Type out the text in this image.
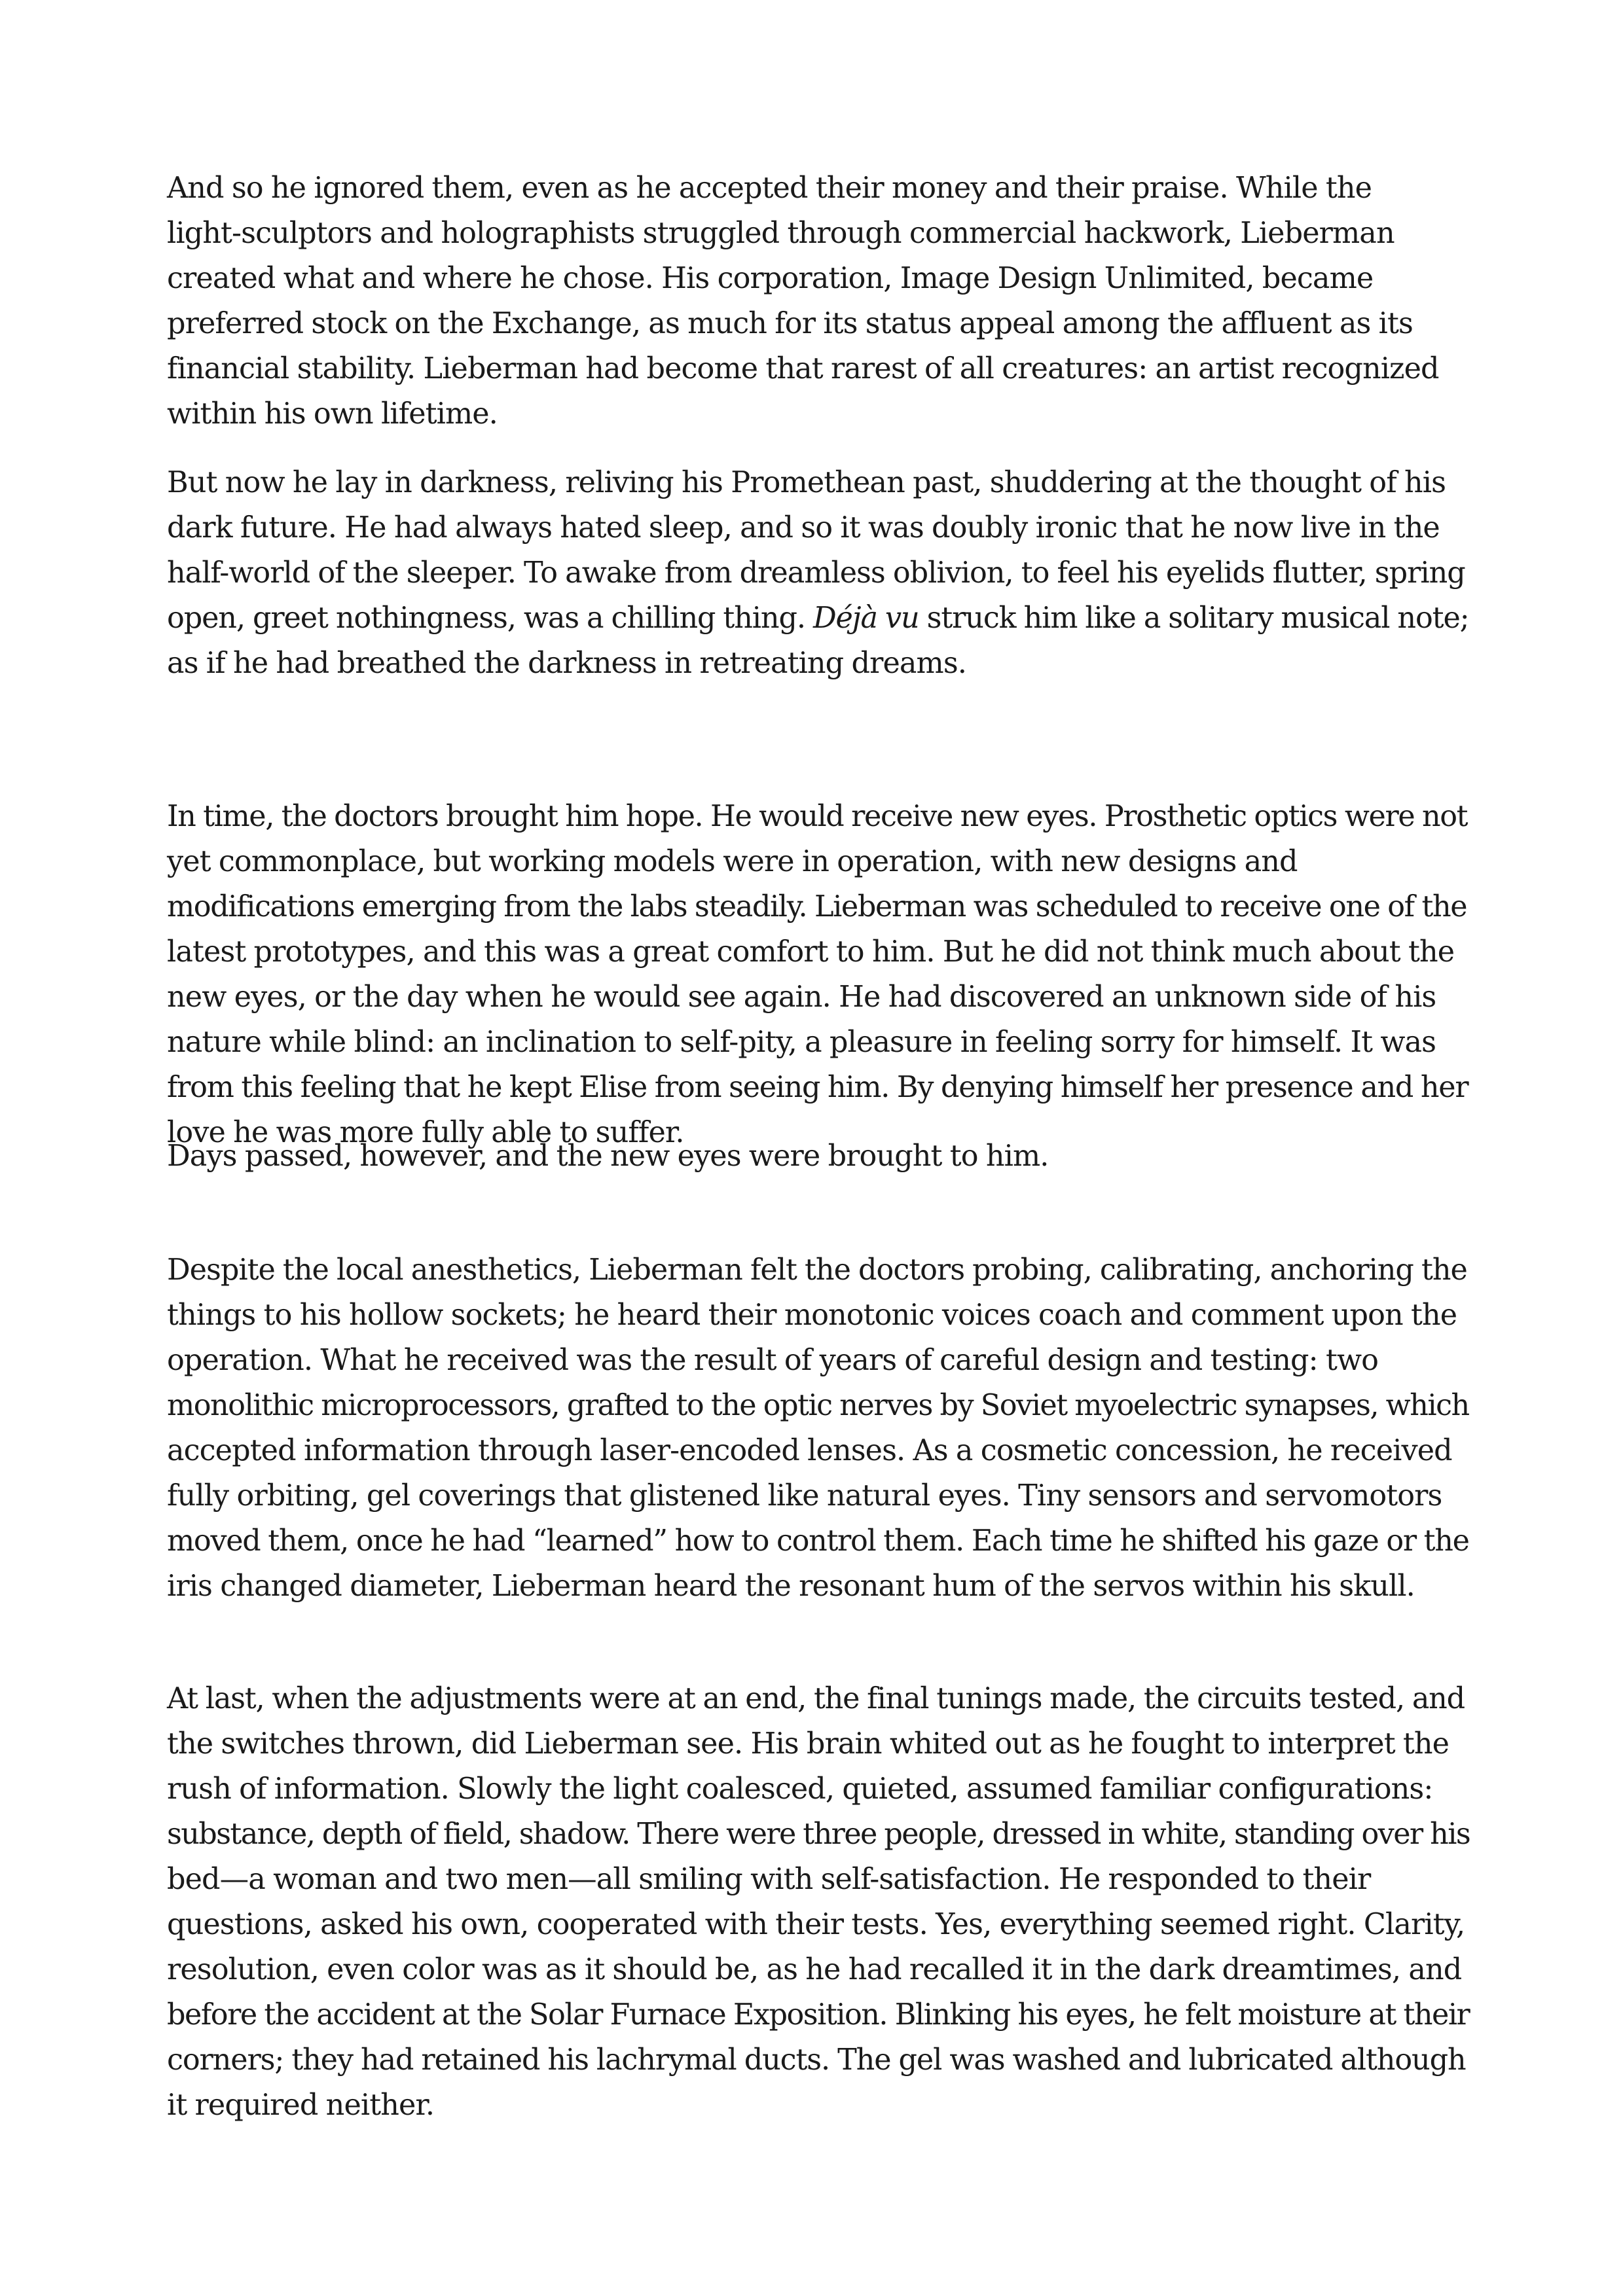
And so he ignored them, even as he accepted their money and their praise. While the
light-sculptors and holographists struggled through commercial hackwork, Lieberman
created what and where he chose. His corporation, Image Design Unlimited, became
preferred stock on the Exchange, as much for its status appeal among the affluent as its
financial stability. Lieberman had become that rarest of all creatures: an artist recognized
within his own lifetime.

But now he lay in darkness, reliving his Promethean past, shuddering at the thought of his
dark future. He had always hated sleep, and so it was doubly ironic that he now live in the
half-world of the sleeper. To awake from dreamless oblivion, to feel his eyelids flutter, spring
open, greet nothingness, was a chilling thing. Déjà vu struck him like a solitary musical note;
as if he had breathed the darkness in retreating dreams.

In time, the doctors brought him hope. He would receive new eyes. Prosthetic optics were not
yet commonplace, but working models were in operation, with new designs and
modifications emerging from the labs steadily. Lieberman was scheduled to receive one of the
latest prototypes, and this was a great comfort to him. But he did not think much about the
new eyes, or the day when he would see again. He had discovered an unknown side of his
nature while blind: an inclination to self-pity, a pleasure in feeling sorry for himself. It was
from this feeling that he kept Elise from seeing him. By denying himself her presence and her
love he was more fully able to suffer.

Days passed, however, and the new eyes were brought to him.

Despite the local anesthetics, Lieberman felt the doctors probing, calibrating, anchoring the
things to his hollow sockets; he heard their monotonic voices coach and comment upon the
operation. What he received was the result of years of careful design and testing: two
monolithic microprocessors, grafted to the optic nerves by Soviet myoelectric synapses, which
accepted information through laser-encoded lenses. As a cosmetic concession, he received
fully orbiting, gel coverings that glistened like natural eyes. Tiny sensors and servomotors
moved them, once he had “learned” how to control them. Each time he shifted his gaze or the
iris changed diameter, Lieberman heard the resonant hum of the servos within his skull.

At last, when the adjustments were at an end, the final tunings made, the circuits tested, and
the switches thrown, did Lieberman see. His brain whited out as he fought to interpret the
rush of information. Slowly the light coalesced, quieted, assumed familiar configurations:
substance, depth of field, shadow. There were three people, dressed in white, standing over his
bed—a woman and two men—all smiling with self-satisfaction. He responded to their
questions, asked his own, cooperated with their tests. Yes, everything seemed right. Clarity,
resolution, even color was as it should be, as he had recalled it in the dark dreamtimes, and
before the accident at the Solar Furnace Exposition. Blinking his eyes, he felt moisture at their
corners; they had retained his lachrymal ducts. The gel was washed and lubricated although
it required neither.
